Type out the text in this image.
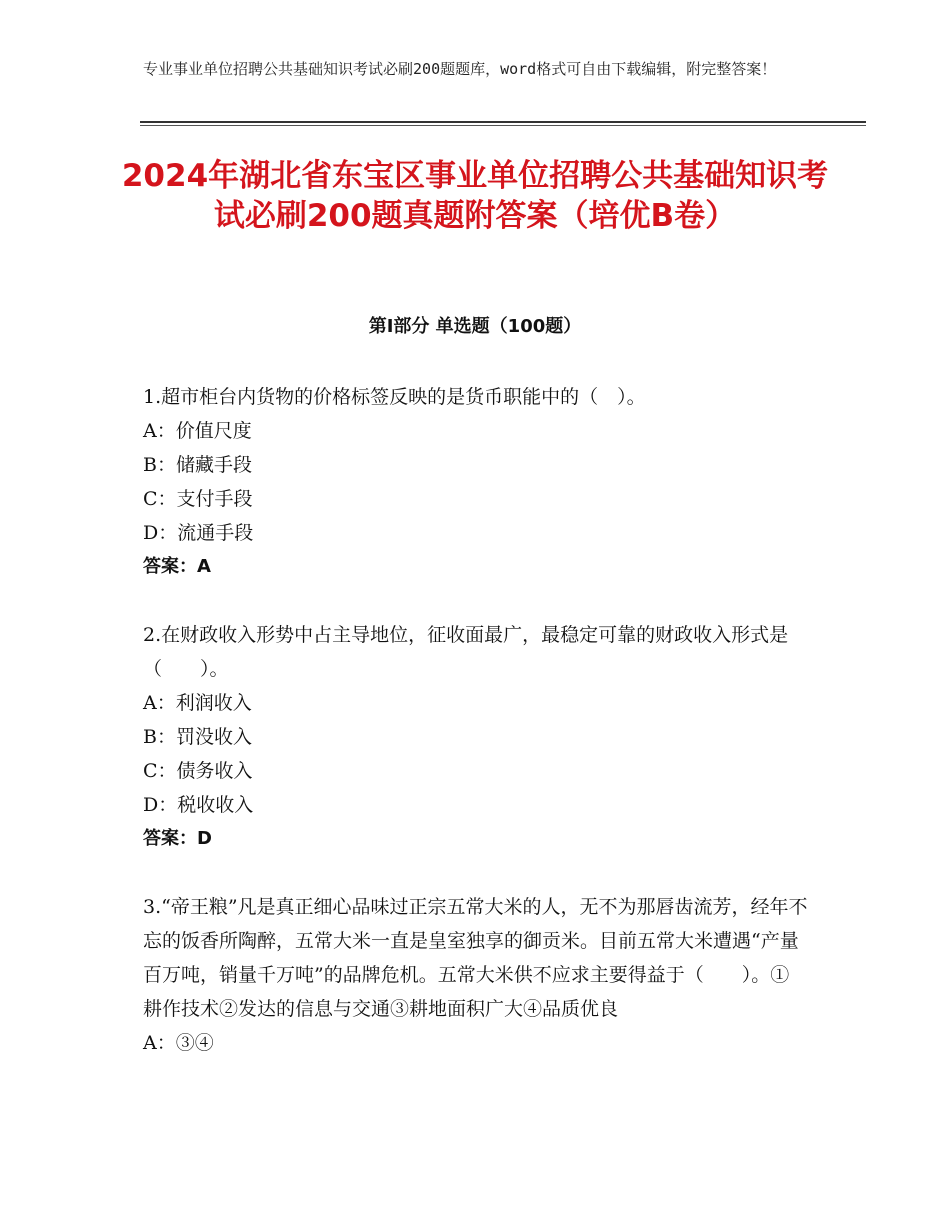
专业事业单位招聘公共基础知识考试必刷200题题库，word格式可自由下载编辑，附完整答案！
2024年湖北省东宝区事业单位招聘公共基础知识考试必刷200题真题附答案（培优B卷）
第I部分 单选题（100题）
1.超市柜台内货物的价格标签反映的是货币职能中的（　）。
A：价值尺度
B：储藏手段
C：支付手段
D：流通手段
答案：A
2.在财政收入形势中占主导地位，征收面最广，最稳定可靠的财政收入形式是（　　）。
A：利润收入
B：罚没收入
C：债务收入
D：税收收入
答案：D
3.“帝王粮”凡是真正细心品味过正宗五常大米的人，无不为那唇齿流芳，经年不忘的饭香所陶醉，五常大米一直是皇室独享的御贡米。目前五常大米遭遇“产量百万吨，销量千万吨”的品牌危机。五常大米供不应求主要得益于（　　）。①耕作技术②发达的信息与交通③耕地面积广大④品质优良
A：③④
